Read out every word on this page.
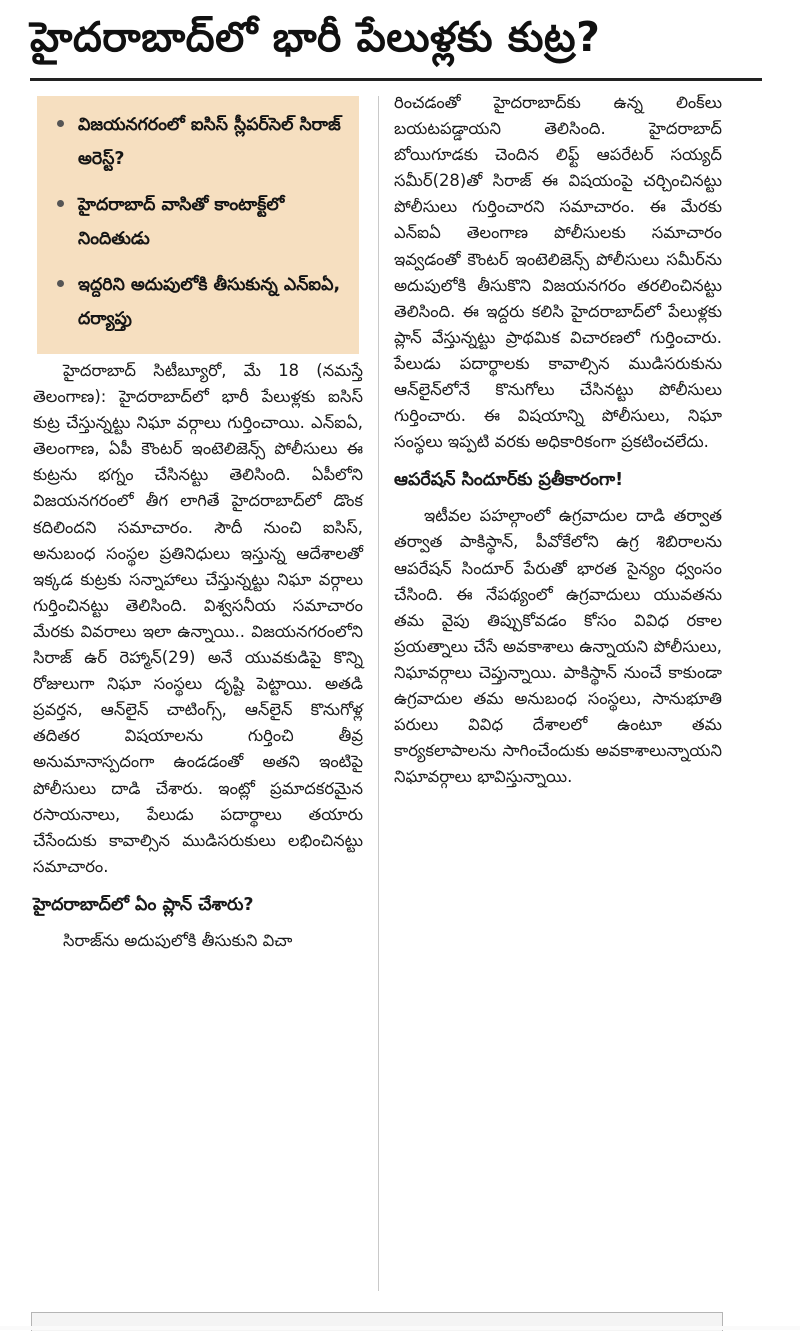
హైదరాబాద్‌లో భారీ పేలుళ్లకు కుట్ర?
విజయనగరంలో ఐసిస్ స్లీపర్‌సెల్ సిరాజ్ అరెస్ట్?
హైదరాబాద్ వాసితో కాంటాక్ట్‌లో నిందితుడు
ఇద్దరిని అదుపులోకి తీసుకున్న ఎన్ఐఏ, దర్యాప్తు

హైదరాబాద్ సిటీబ్యూరో, మే 18 (నమస్తే తెలంగాణ): హైదరాబాద్‌లో భారీ పేలుళ్లకు ఐసిస్ కుట్ర చేస్తున్నట్టు నిఘా వర్గాలు గుర్తించాయి. ఎన్ఐఏ, తెలంగాణ, ఏపీ కౌంటర్ ఇంటెలిజెన్స్ పోలీసులు ఈ కుట్రను భగ్నం చేసినట్టు తెలిసింది. ఏపీలోని విజయనగరంలో తీగ లాగితే హైదరాబాద్‌లో డొంక కదిలిందని సమాచారం. సౌదీ నుంచి ఐసిస్, అనుబంధ సంస్థల ప్రతినిధులు ఇస్తున్న ఆదేశాలతో ఇక్కడ కుట్రకు సన్నాహాలు చేస్తున్నట్టు నిఘా వర్గాలు గుర్తించినట్టు తెలిసింది. విశ్వసనీయ సమాచారం మేరకు వివరాలు ఇలా ఉన్నాయి.. విజయనగరంలోని సిరాజ్ ఉర్ రెహ్మాన్(29) అనే యువకుడిపై కొన్ని రోజులుగా నిఘా సంస్థలు దృష్టి పెట్టాయి. అతడి ప్రవర్తన, ఆన్‌లైన్ చాటింగ్స్, ఆన్‌లైన్ కొనుగోళ్ల తదితర విషయాలను గుర్తించి తీవ్ర అనుమానాస్పదంగా ఉండడంతో అతని ఇంటిపై పోలీసులు దాడి చేశారు. ఇంట్లో ప్రమాదకరమైన రసాయనాలు, పేలుడు పదార్థాలు తయారు చేసేందుకు కావాల్సిన ముడిసరుకులు లభించినట్టు సమాచారం.

హైదరాబాద్‌లో ఏం ప్లాన్ చేశారు?

సిరాజ్‌ను అదుపులోకి తీసుకుని విచా

రించడంతో హైదరాబాద్‌కు ఉన్న లింక్‌లు బయటపడ్డాయని తెలిసింది. హైదరాబాద్ బోయిగూడకు చెందిన లిఫ్ట్ ఆపరేటర్ సయ్యద్ సమీర్(28)తో సిరాజ్ ఈ విషయంపై చర్చించినట్టు పోలీసులు గుర్తించారని సమాచారం. ఈ మేరకు ఎన్ఐఏ తెలంగాణ పోలీసులకు సమాచారం ఇవ్వడంతో కౌంటర్ ఇంటెలిజెన్స్ పోలీసులు సమీర్‌ను అదుపులోకి తీసుకొని విజయనగరం తరలించినట్టు తెలిసింది. ఈ ఇద్దరు కలిసి హైదరాబాద్‌లో పేలుళ్లకు ప్లాన్ వేస్తున్నట్టు ప్రాథమిక విచారణలో గుర్తించారు. పేలుడు పదార్థాలకు కావాల్సిన ముడిసరుకును ఆన్‌లైన్‌లోనే కొనుగోలు చేసినట్టు పోలీసులు గుర్తించారు. ఈ విషయాన్ని పోలీసులు, నిఘా సంస్థలు ఇప్పటి వరకు అధికారికంగా ప్రకటించలేదు.

ఆపరేషన్ సిందూర్‌కు ప్రతీకారంగా!

ఇటీవల పహల్గాంలో ఉగ్రవాదుల దాడి తర్వాత తర్వాత పాకిస్థాన్, పీవోకేలోని ఉగ్ర శిబిరాలను ఆపరేషన్ సిందూర్ పేరుతో భారత సైన్యం ధ్వంసం చేసింది. ఈ నేపథ్యంలో ఉగ్రవాదులు యువతను తమ వైపు తిప్పుకోవడం కోసం వివిధ రకాల ప్రయత్నాలు చేసే అవకాశాలు ఉన్నాయని పోలీసులు, నిఘావర్గాలు చెప్తున్నాయి. పాకిస్థాన్ నుంచే కాకుండా ఉగ్రవాదుల తమ అనుబంధ సంస్థలు, సానుభూతి పరులు వివిధ దేశాలలో ఉంటూ తమ కార్యకలాపాలను సాగించేందుకు అవకాశాలున్నాయని నిఘావర్గాలు భావిస్తున్నాయి.
